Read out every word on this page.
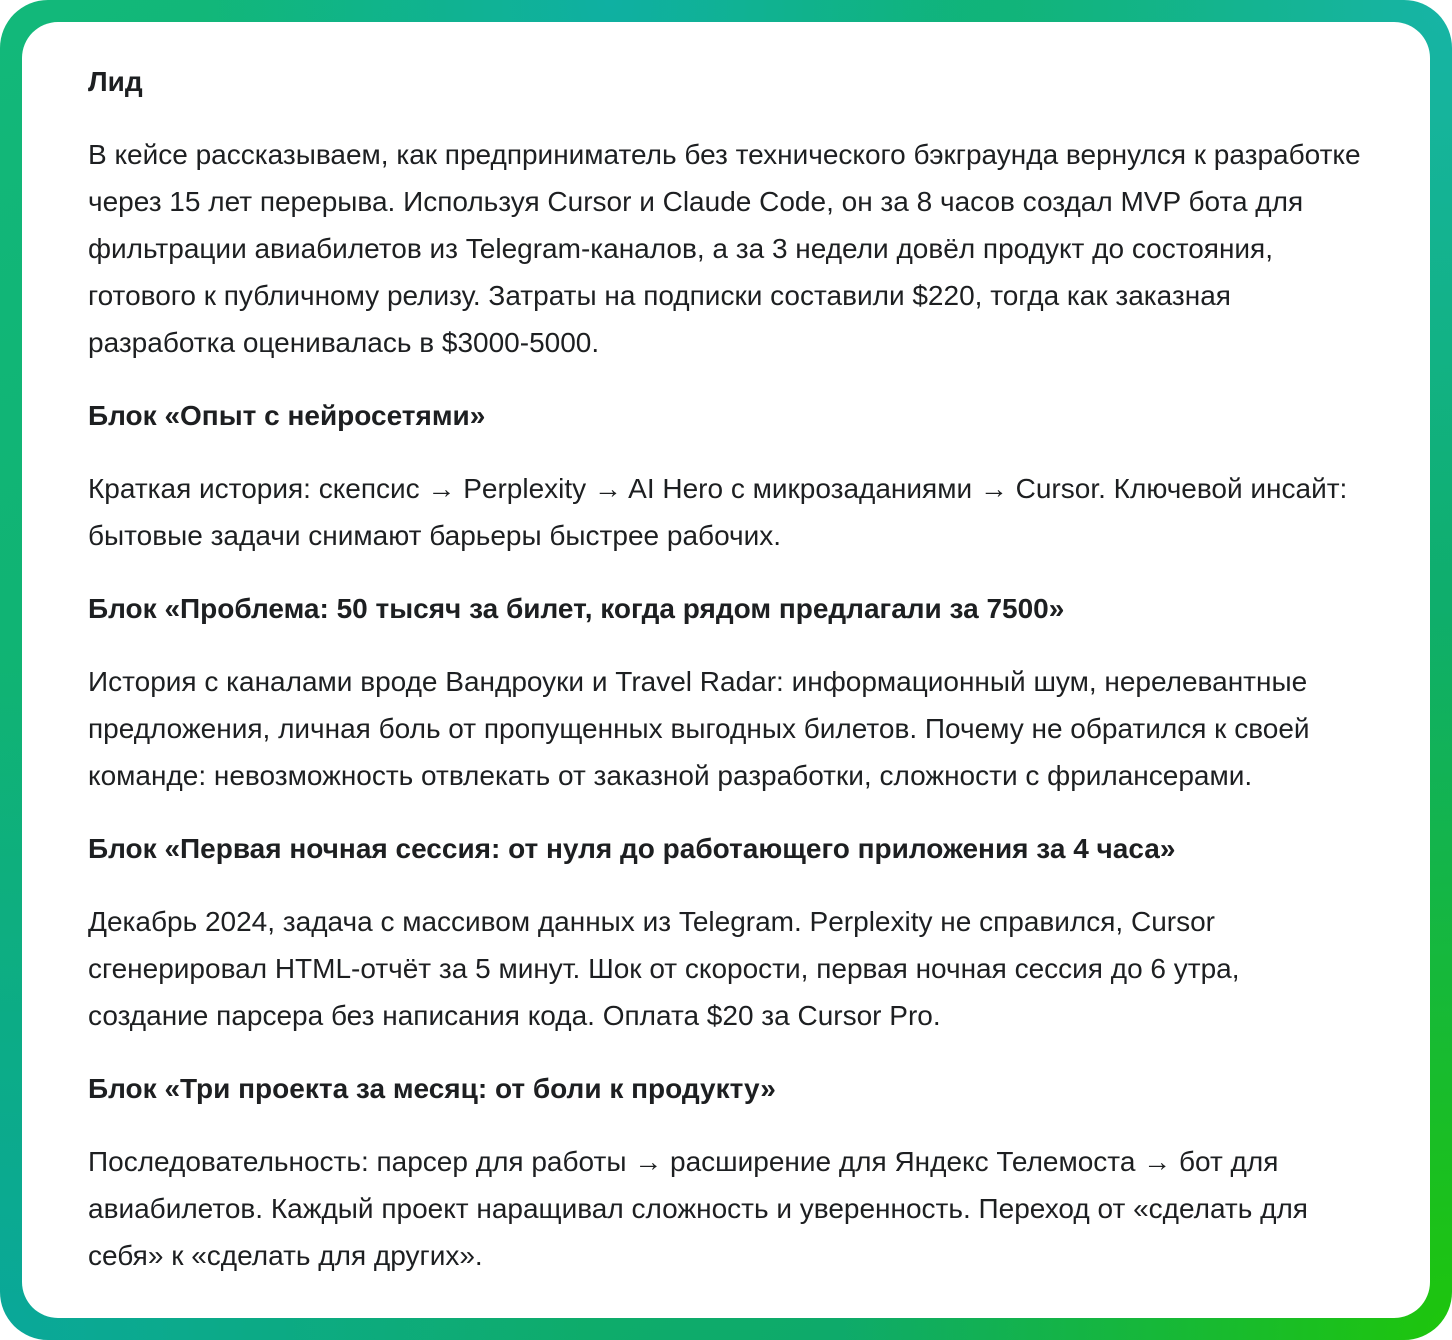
Лид

В кейсе рассказываем, как предприниматель без технического бэкграунда вернулся к разработке через 15 лет перерыва. Используя Cursor и Claude Code, он за 8 часов создал MVP бота для фильтрации авиабилетов из Telegram-каналов, а за 3 недели довёл продукт до состояния, готового к публичному релизу. Затраты на подписки составили $220, тогда как заказная разработка оценивалась в $3000-5000.

Блок «Опыт с нейросетями»

Краткая история: скепсис → Perplexity → AI Hero с микрозаданиями → Cursor. Ключевой инсайт: бытовые задачи снимают барьеры быстрее рабочих.

Блок «Проблема: 50 тысяч за билет, когда рядом предлагали за 7500»

История с каналами вроде Вандроуки и Travel Radar: информационный шум, нерелевантные предложения, личная боль от пропущенных выгодных билетов. Почему не обратился к своей команде: невозможность отвлекать от заказной разработки, сложности с фрилансерами.

Блок «Первая ночная сессия: от нуля до работающего приложения за 4 часа»

Декабрь 2024, задача с массивом данных из Telegram. Perplexity не справился, Cursor сгенерировал HTML-отчёт за 5 минут. Шок от скорости, первая ночная сессия до 6 утра, создание парсера без написания кода. Оплата $20 за Cursor Pro.

Блок «Три проекта за месяц: от боли к продукту»

Последовательность: парсер для работы → расширение для Яндекс Телемоста → бот для авиабилетов. Каждый проект наращивал сложность и уверенность. Переход от «сделать для себя» к «сделать для других».
